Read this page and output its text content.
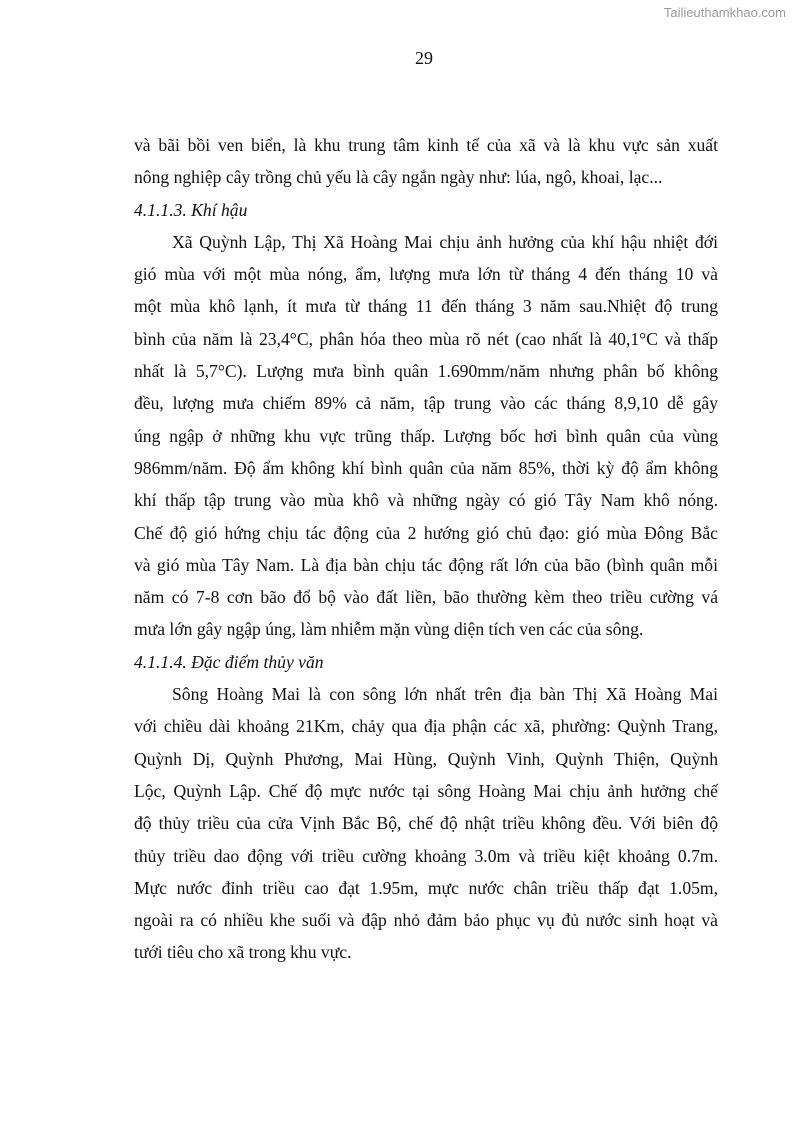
Tailieuthamkhao.com
29
và bãi bồi ven biển, là khu trung tâm kinh tế của xã và là khu vực sản xuất
nông nghiệp cây trồng chủ yếu là cây ngắn ngày như: lúa, ngô, khoai, lạc...
4.1.1.3. Khí hậu
Xã Quỳnh Lập, Thị Xã Hoàng Mai chịu ảnh hưởng của khí hậu nhiệt đới
gió mùa với một mùa nóng, ẩm, lượng mưa lớn từ tháng 4 đến tháng 10 và
một mùa khô lạnh, ít mưa từ tháng 11 đến tháng 3 năm sau.Nhiệt độ trung
bình của năm là 23,4°C, phân hóa theo mùa rõ nét (cao nhất là 40,1°C và thấp
nhất là 5,7°C). Lượng mưa bình quân 1.690mm/năm nhưng phân bố không
đều, lượng mưa chiếm 89% cả năm, tập trung vào các tháng 8,9,10 dễ gây
úng ngập ở những khu vực trũng thấp. Lượng bốc hơi bình quân của vùng
986mm/năm. Độ ẩm không khí bình quân của năm 85%, thời kỳ độ ẩm không
khí thấp tập trung vào mùa khô và những ngày có gió Tây Nam khô nóng.
Chế độ gió hứng chịu tác động của 2 hướng gió chủ đạo: gió mùa Đông Bắc
và gió mùa Tây Nam. Là địa bàn chịu tác động rất lớn của bão (bình quân mỗi
năm có 7-8 cơn bão đổ bộ vào đất liền, bão thường kèm theo triều cường vá
mưa lớn gây ngập úng, làm nhiễm mặn vùng diện tích ven các của sông.
4.1.1.4. Đặc điểm thủy văn
Sông Hoàng Mai là con sông lớn nhất trên địa bàn Thị Xã Hoàng Mai
với chiều dài khoảng 21Km, chảy qua địa phận các xã, phường: Quỳnh Trang,
Quỳnh Dị, Quỳnh Phương, Mai Hùng, Quỳnh Vinh, Quỳnh Thiện, Quỳnh
Lộc, Quỳnh Lập. Chế độ mực nước tại sông Hoàng Mai chịu ảnh hưởng chế
độ thủy triều của cửa Vịnh Bắc Bộ, chế độ nhật triều không đều. Với biên độ
thủy triều dao động với triều cường khoảng 3.0m và triều kiệt khoảng 0.7m.
Mực nước đỉnh triều cao đạt 1.95m, mực nước chân triều thấp đạt 1.05m,
ngoài ra có nhiều khe suối và đập nhỏ đảm bảo phục vụ đủ nước sinh hoạt và
tưới tiêu cho xã trong khu vực.
